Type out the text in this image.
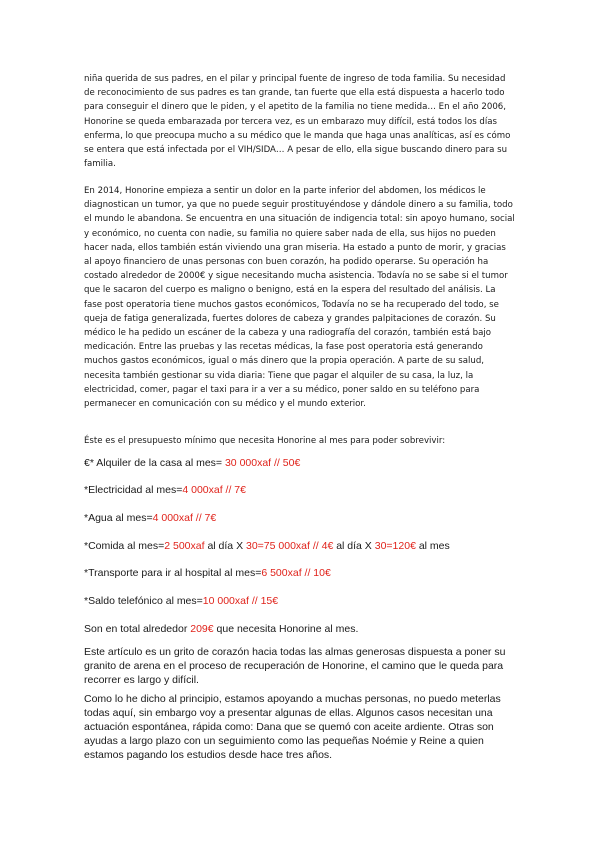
niña querida de sus padres, en el pilar y principal fuente de ingreso de toda familia. Su necesidad de reconocimiento de sus padres es tan grande, tan fuerte que ella está dispuesta a hacerlo todo para conseguir el dinero que le piden, y el apetito de la familia no tiene medida… En el año 2006, Honorine se queda embarazada por tercera vez, es un embarazo muy difícil, está todos los días enferma, lo que preocupa mucho a su médico que le manda que haga unas analíticas, así es cómo se entera que está infectada por el VIH/SIDA… A pesar de ello, ella sigue buscando dinero para su familia.

En 2014, Honorine empieza a sentir un dolor en la parte inferior del abdomen, los médicos le diagnostican un tumor, ya que no puede seguir prostituyéndose y dándole dinero a su familia, todo el mundo le abandona. Se encuentra en una situación de indigencia total: sin apoyo humano, social y económico, no cuenta con nadie, su familia no quiere saber nada de ella, sus hijos no pueden hacer nada, ellos también están viviendo una gran miseria. Ha estado a punto de morir, y gracias al apoyo financiero de unas personas con buen corazón, ha podido operarse. Su operación ha costado alrededor de 2000€ y sigue necesitando mucha asistencia. Todavía no se sabe si el tumor que le sacaron del cuerpo es maligno o benigno, está en la espera del resultado del análisis. La fase post operatoria tiene muchos gastos económicos, Todavía no se ha recuperado del todo, se queja de fatiga generalizada, fuertes dolores de cabeza y grandes palpitaciones de corazón. Su médico le ha pedido un escáner de la cabeza y una radiografía del corazón, también está bajo medicación. Entre las pruebas y las recetas médicas, la fase post operatoria está generando muchos gastos económicos, igual o más dinero que la propia operación. A parte de su salud, necesita también gestionar su vida diaria: Tiene que pagar el alquiler de su casa, la luz, la electricidad, comer, pagar el taxi para ir a ver a su médico, poner saldo en su teléfono para permanecer en comunicación con su médico y el mundo exterior.

Éste es el presupuesto mínimo que necesita Honorine al mes para poder sobrevivir:

€* Alquiler de la casa al mes= 30 000xaf // 50€

*Electricidad al mes=4 000xaf // 7€

*Agua al mes=4 000xaf // 7€

*Comida al mes=2 500xaf al día X 30=75 000xaf // 4€ al día X 30=120€ al mes

*Transporte para ir al hospital al mes=6 500xaf // 10€

*Saldo telefónico al mes=10 000xaf // 15€

Son en total alrededor 209€ que necesita Honorine al mes.

Este artículo es un grito de corazón hacia todas las almas generosas dispuesta a poner su granito de arena en el proceso de recuperación de Honorine, el camino que le queda para recorrer es largo y difícil.

Como lo he dicho al principio, estamos apoyando a muchas personas, no puedo meterlas todas aquí, sin embargo voy a presentar algunas de ellas. Algunos casos necesitan una actuación espontánea, rápida como: Dana que se quemó con aceite ardiente. Otras son ayudas a largo plazo con un seguimiento como las pequeñas Noémie y Reine a quien estamos pagando los estudios desde hace tres años.
